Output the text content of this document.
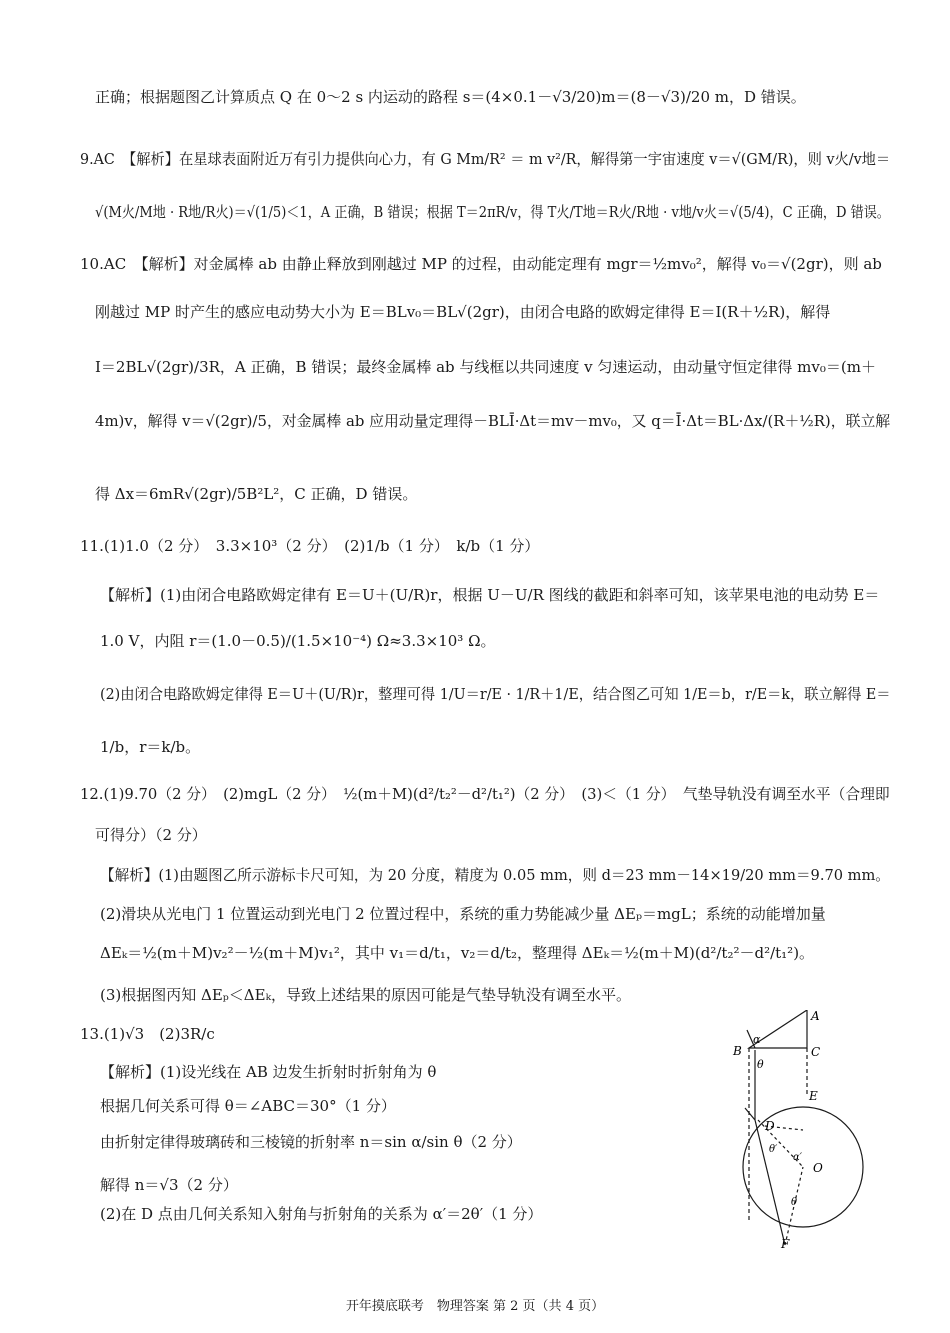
正确；根据题图乙计算质点 Q 在 0～2 s 内运动的路程 s＝(4×0.1－√3/20)m＝(8－√3)/20 m，D 错误。
9.AC　【解析】在星球表面附近万有引力提供向心力，有 G Mm/R² ＝ m v²/R，解得第一宇宙速度 v＝√(GM/R)，则 v火/v地＝
√(M火/M地 · R地/R火)＝√(1/5)＜1，A 正确，B 错误；根据 T＝2πR/v，得 T火/T地＝R火/R地 · v地/v火＝√(5/4)，C 正确，D 错误。
10.AC　【解析】对金属棒 ab 由静止释放到刚越过 MP 的过程，由动能定理有 mgr＝½mv₀²，解得 v₀＝√(2gr)，则 ab
刚越过 MP 时产生的感应电动势大小为 E＝BLv₀＝BL√(2gr)，由闭合电路的欧姆定律得 E＝I(R＋½R)，解得
I＝2BL√(2gr)/3R，A 正确，B 错误；最终金属棒 ab 与线框以共同速度 v 匀速运动，由动量守恒定律得 mv₀＝(m＋
4m)v，解得 v＝√(2gr)/5，对金属棒 ab 应用动量定理得－BLĪ·Δt＝mv－mv₀，又 q＝Ī·Δt＝BL·Δx/(R＋½R)，联立解
得 Δx＝6mR√(2gr)/5B²L²，C 正确，D 错误。
11.(1)1.0（2 分）　3.3×10³（2 分）　(2)1/b（1 分）　k/b（1 分）
【解析】(1)由闭合电路欧姆定律有 E＝U＋(U/R)r，根据 U－U/R 图线的截距和斜率可知，该苹果电池的电动势 E＝
1.0 V，内阻 r＝(1.0－0.5)/(1.5×10⁻⁴) Ω≈3.3×10³ Ω。
(2)由闭合电路欧姆定律得 E＝U＋(U/R)r，整理可得 1/U＝r/E · 1/R＋1/E，结合图乙可知 1/E＝b，r/E＝k，联立解得 E＝
1/b，r＝k/b。
12.(1)9.70（2 分）　(2)mgL（2 分）　½(m＋M)(d²/t₂²－d²/t₁²)（2 分）　(3)＜（1 分）　气垫导轨没有调至水平（合理即
可得分）（2 分）
【解析】(1)由题图乙所示游标卡尺可知，为 20 分度，精度为 0.05 mm，则 d＝23 mm－14×19/20 mm＝9.70 mm。
(2)滑块从光电门 1 位置运动到光电门 2 位置过程中，系统的重力势能减少量 ΔEₚ＝mgL；系统的动能增加量
ΔEₖ＝½(m＋M)v₂²－½(m＋M)v₁²，其中 v₁＝d/t₁，v₂＝d/t₂，整理得 ΔEₖ＝½(m＋M)(d²/t₂²－d²/t₁²)。
(3)根据图丙知 ΔEₚ＜ΔEₖ，导致上述结果的原因可能是气垫导轨没有调至水平。
13.(1)√3　(2)3R/c
【解析】(1)设光线在 AB 边发生折射时折射角为 θ
根据几何关系可得 θ＝∠ABC＝30°（1 分）
由折射定律得玻璃砖和三棱镜的折射率 n＝sin α/sin θ（2 分）
解得 n＝√3（2 分）
(2)在 D 点由几何关系知入射角与折射角的关系为 α′＝2θ′（1 分）
A
B	C
α
θ
E
D
θ′
α′
O
θ
F
开年摸底联考　物理答案 第 2 页（共 4 页）
